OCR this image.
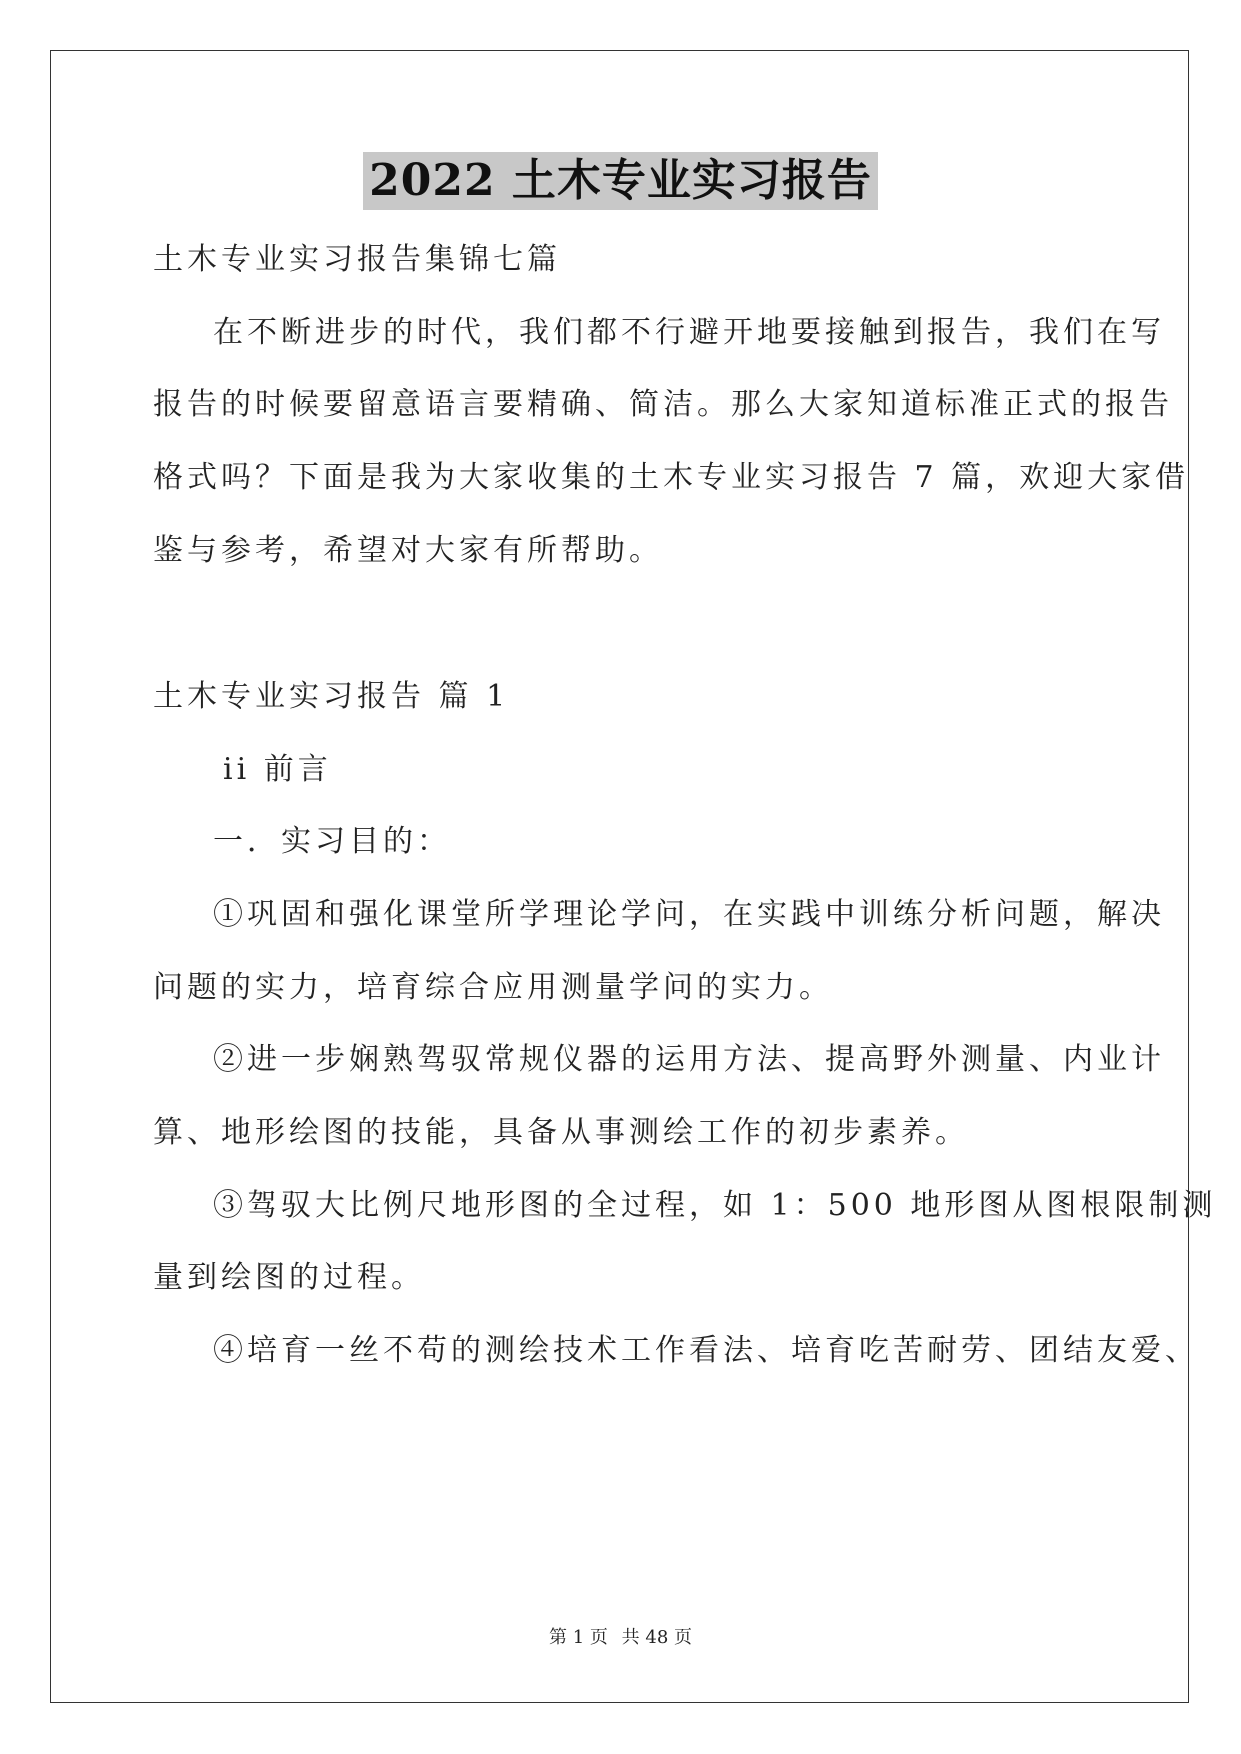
2022 土木专业实习报告
土木专业实习报告集锦七篇
在不断进步的时代，我们都不行避开地要接触到报告，我们在写
报告的时候要留意语言要精确、简洁。那么大家知道标准正式的报告
格式吗？下面是我为大家收集的土木专业实习报告 7 篇，欢迎大家借
鉴与参考，希望对大家有所帮助。
土木专业实习报告 篇 1
ii 前言
一．实习目的：
①巩固和强化课堂所学理论学问，在实践中训练分析问题，解决
问题的实力，培育综合应用测量学问的实力。
②进一步娴熟驾驭常规仪器的运用方法、提高野外测量、内业计
算、地形绘图的技能，具备从事测绘工作的初步素养。
③驾驭大比例尺地形图的全过程，如 1：500 地形图从图根限制测
量到绘图的过程。
④培育一丝不苟的测绘技术工作看法、培育吃苦耐劳、团结友爱、
第 1 页 共 48 页
